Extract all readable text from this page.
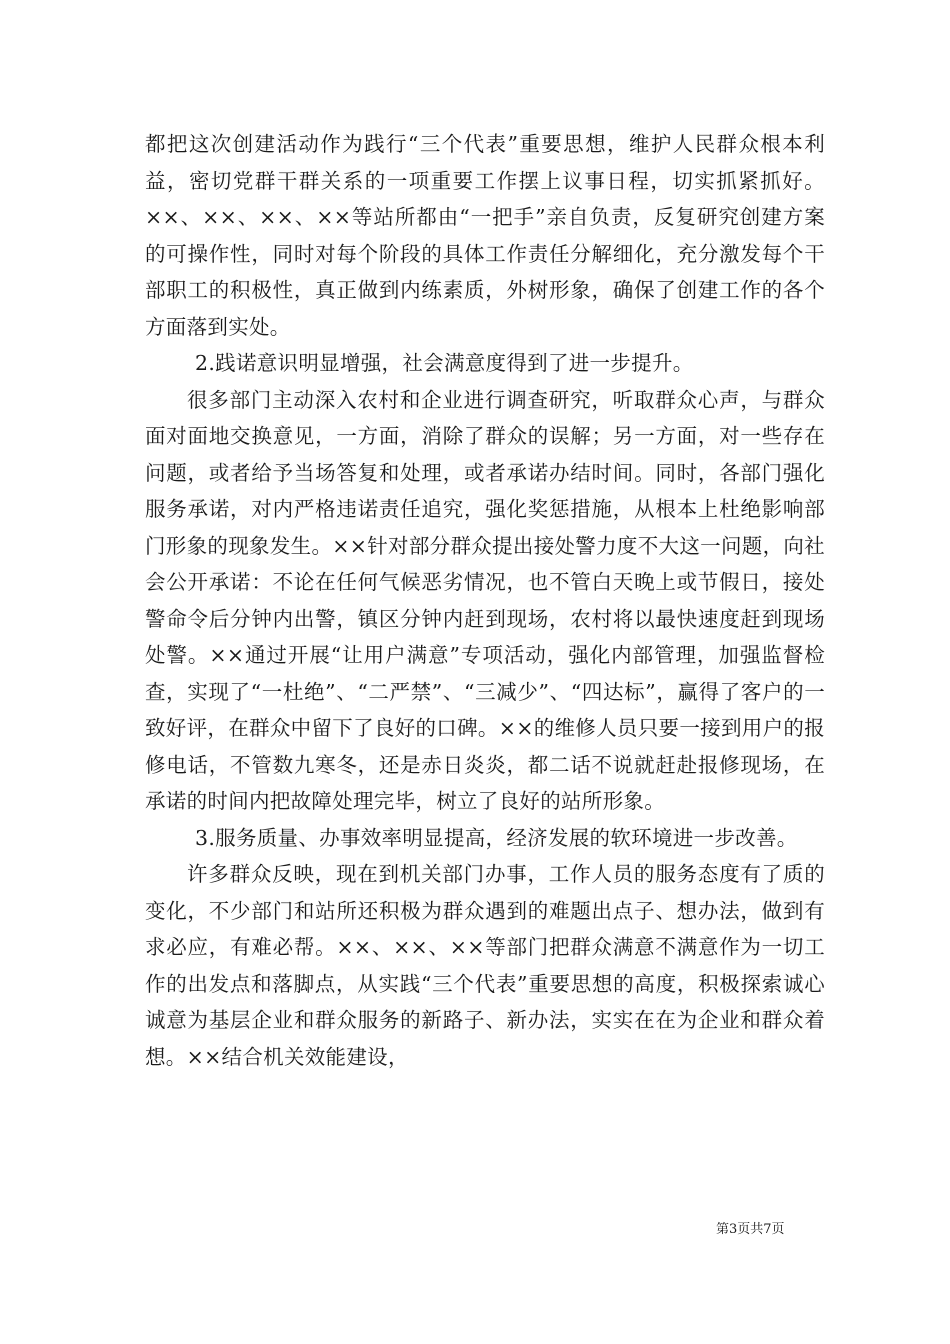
都把这次创建活动作为践行“三个代表”重要思想，维护人民群众根本利益，密切党群干群关系的一项重要工作摆上议事日程，切实抓紧抓好。××、××、××、××等站所都由“一把手”亲自负责，反复研究创建方案的可操作性，同时对每个阶段的具体工作责任分解细化，充分激发每个干部职工的积极性，真正做到内练素质，外树形象，确保了创建工作的各个方面落到实处。

2.践诺意识明显增强，社会满意度得到了进一步提升。

很多部门主动深入农村和企业进行调查研究，听取群众心声，与群众面对面地交换意见，一方面，消除了群众的误解；另一方面，对一些存在问题，或者给予当场答复和处理，或者承诺办结时间。同时，各部门强化服务承诺，对内严格违诺责任追究，强化奖惩措施，从根本上杜绝影响部门形象的现象发生。××针对部分群众提出接处警力度不大这一问题，向社会公开承诺：不论在任何气候恶劣情况，也不管白天晚上或节假日，接处警命令后分钟内出警，镇区分钟内赶到现场，农村将以最快速度赶到现场处警。××通过开展“让用户满意”专项活动，强化内部管理，加强监督检查，实现了“一杜绝”、“二严禁”、“三减少”、“四达标”，赢得了客户的一致好评，在群众中留下了良好的口碑。××的维修人员只要一接到用户的报修电话，不管数九寒冬，还是赤日炎炎，都二话不说就赶赴报修现场，在承诺的时间内把故障处理完毕，树立了良好的站所形象。

3.服务质量、办事效率明显提高，经济发展的软环境进一步改善。

许多群众反映，现在到机关部门办事，工作人员的服务态度有了质的变化，不少部门和站所还积极为群众遇到的难题出点子、想办法，做到有求必应，有难必帮。××、××、××等部门把群众满意不满意作为一切工作的出发点和落脚点，从实践“三个代表”重要思想的高度，积极探索诚心诚意为基层企业和群众服务的新路子、新办法，实实在在为企业和群众着想。××结合机关效能建设，

第3页共7页
